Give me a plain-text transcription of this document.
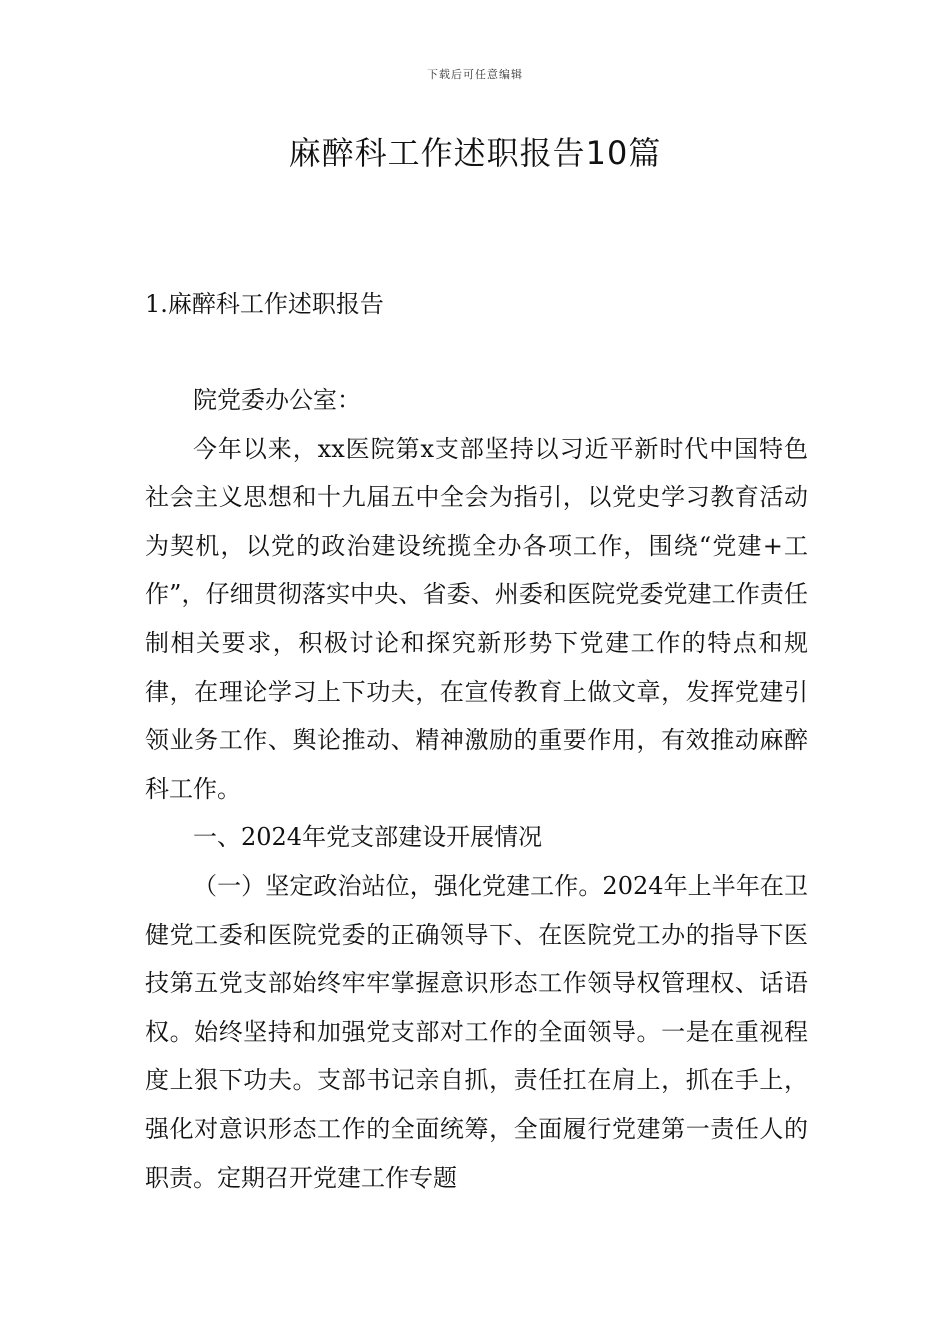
下载后可任意编辑
麻醉科工作述职报告10篇
1.麻醉科工作述职报告

院党委办公室：

今年以来，xx医院第x支部坚持以习近平新时代中国特色社会主义思想和十九届五中全会为指引，以党史学习教育活动为契机，以党的政治建设统揽全办各项工作，围绕“党建+工作”，仔细贯彻落实中央、省委、州委和医院党委党建工作责任制相关要求，积极讨论和探究新形势下党建工作的特点和规律，在理论学习上下功夫，在宣传教育上做文章，发挥党建引领业务工作、舆论推动、精神激励的重要作用，有效推动麻醉科工作。

一、2024年党支部建设开展情况

（一）坚定政治站位，强化党建工作。2024年上半年在卫健党工委和医院党委的正确领导下、在医院党工办的指导下医技第五党支部始终牢牢掌握意识形态工作领导权管理权、话语权。始终坚持和加强党支部对工作的全面领导。一是在重视程度上狠下功夫。支部书记亲自抓，责任扛在肩上，抓在手上，强化对意识形态工作的全面统筹，全面履行党建第一责任人的职责。定期召开党建工作专题
